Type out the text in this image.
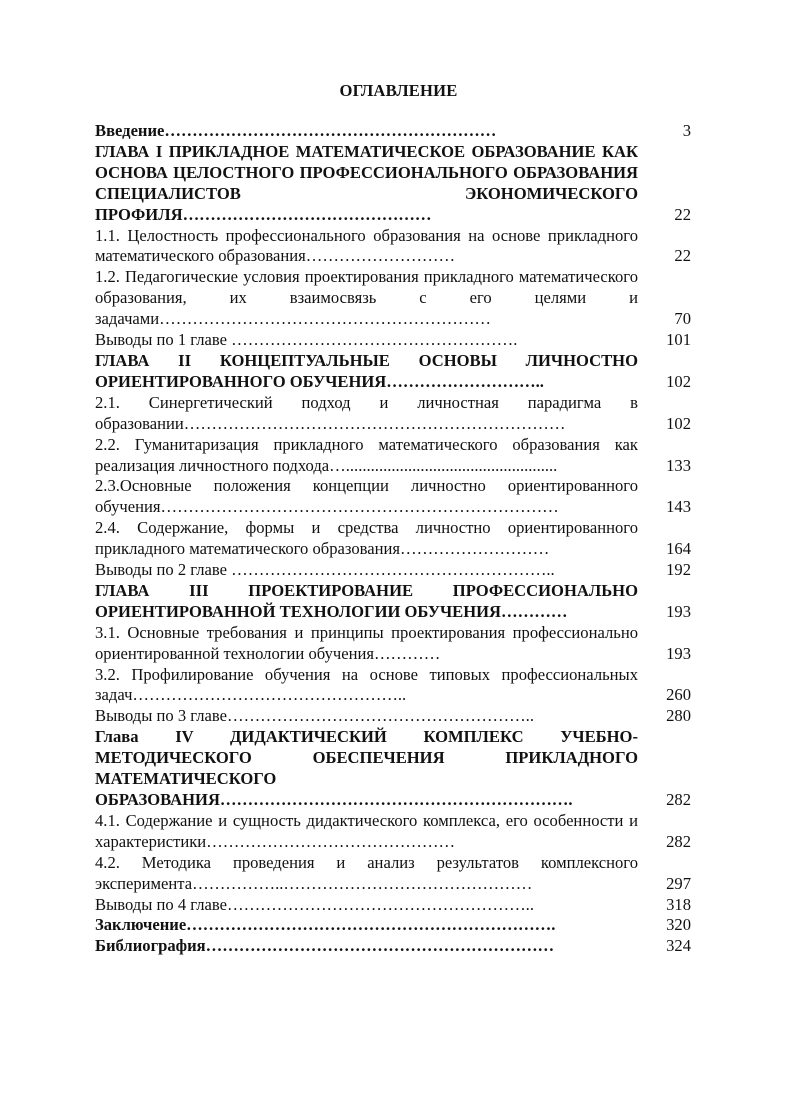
ОГЛАВЛЕНИЕ
Введение……………………………………………………	3
ГЛАВА I ПРИКЛАДНОЕ МАТЕМАТИЧЕСКОЕ ОБРАЗОВАНИЕ КАК ОСНОВА ЦЕЛОСТНОГО ПРОФЕССИОНАЛЬНОГО ОБРАЗОВАНИЯ СПЕЦИАЛИСТОВ ЭКОНОМИЧЕСКОГО ПРОФИЛЯ………………………………………	22
1.1. Целостность профессионального образования на основе прикладного математического образования………………………	22
1.2. Педагогические условия проектирования прикладного математического образования, их взаимосвязь с его целями и задачами……………………………………………………	70
Выводы по 1 главе …………………………………………….	101
ГЛАВА II КОНЦЕПТУАЛЬНЫЕ ОСНОВЫ ЛИЧНОСТНО ОРИЕНТИРОВАННОГО ОБУЧЕНИЯ………………………..	102
2.1. Синергетический подход и личностная парадигма в образовании……………………………………………………………	102
2.2. Гуманитаризация прикладного математического образования как реализация личностного подхода…...................................................	133
2.3.Основные положения концепции личностно ориентированного обучения………………………………………………………………	143
2.4. Содержание, формы и средства личностно ориентированного прикладного математического образования………………………	164
Выводы по 2 главе …………………………………………………..	192
ГЛАВА III ПРОЕКТИРОВАНИЕ ПРОФЕССИОНАЛЬНО ОРИЕНТИРОВАННОЙ ТЕХНОЛОГИИ ОБУЧЕНИЯ…………	193
3.1. Основные требования и принципы проектирования профессионально ориентированной технологии обучения…………	193
3.2. Профилирование обучения на основе типовых профессиональных задач…………………………………………..	260
Выводы по 3 главе………………………………………………..	280
Глава IV ДИДАКТИЧЕСКИЙ КОМПЛЕКС УЧЕБНО-МЕТОДИЧЕСКОГО ОБЕСПЕЧЕНИЯ ПРИКЛАДНОГО МАТЕМАТИЧЕСКОГО ОБРАЗОВАНИЯ……………………………………………………….	282
4.1. Содержание и сущность дидактического комплекса, его особенности и характеристики………………………………………	282
4.2. Методика проведения и анализ результатов комплексного эксперимента……………..………………………………………	297
Выводы по 4 главе………………………………………………..	318
Заключение………………………………………………………….	320
Библиография………………………………………………………	324
